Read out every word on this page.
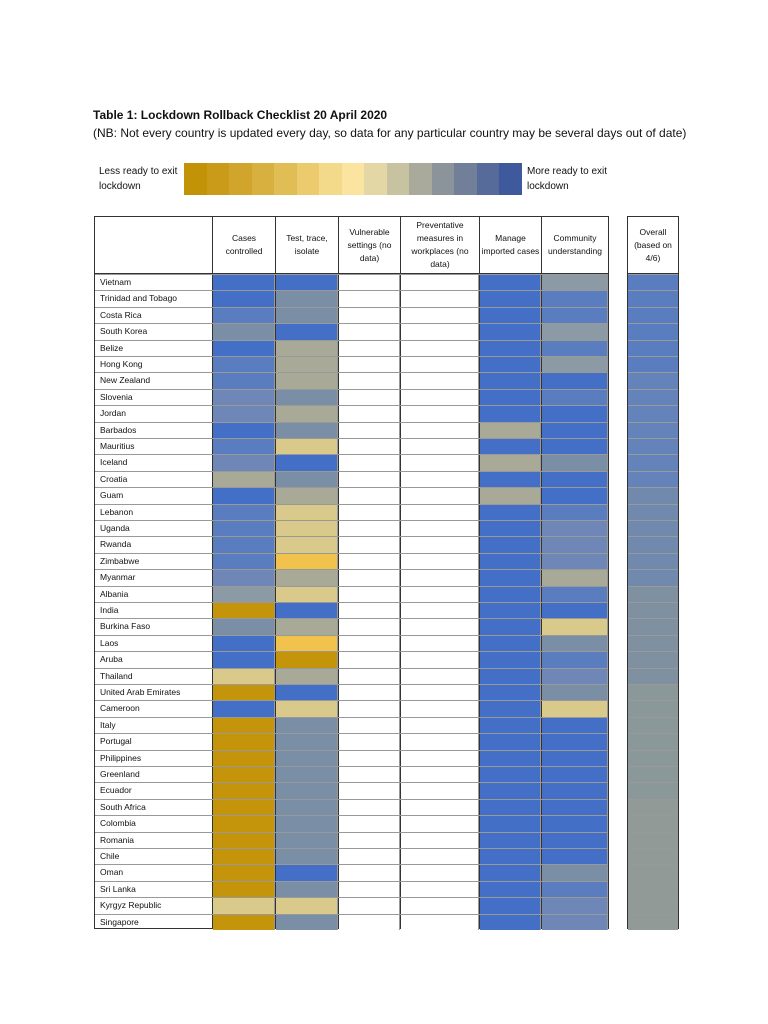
Table 1: Lockdown Rollback Checklist 20 April 2020
(NB: Not every country is updated every day, so data for any particular country may be several days out of date)
Less ready to exit lockdown
More ready to exit lockdown
Cases controlled
Test, trace, isolate
Vulnerable settings (no data)
Preventative measures in workplaces (no data)
Manage imported cases
Community understanding
Vietnam
Trinidad and Tobago
Costa Rica
South Korea
Belize
Hong Kong
New Zealand
Slovenia
Jordan
Barbados
Mauritius
Iceland
Croatia
Guam
Lebanon
Uganda
Rwanda
Zimbabwe
Myanmar
Albania
India
Burkina Faso
Laos
Aruba
Thailand
United Arab Emirates
Cameroon
Italy
Portugal
Philippines
Greenland
Ecuador
South Africa
Colombia
Romania
Chile
Oman
Sri Lanka
Kyrgyz Republic
Singapore
Overall (based on 4/6)
